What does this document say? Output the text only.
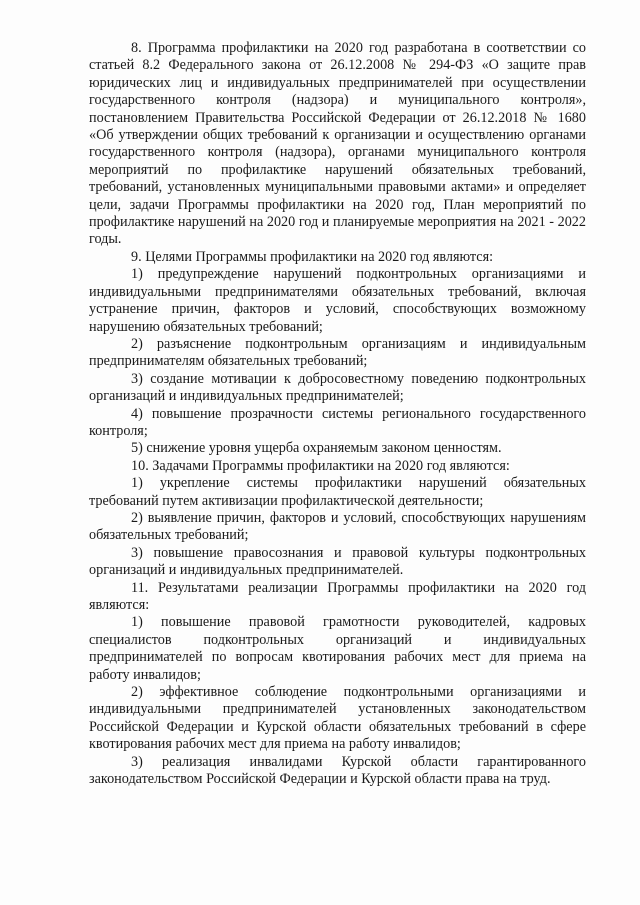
8. Программа профилактики на 2020 год разработана в соответствии со статьей 8.2 Федерального закона от 26.12.2008 № 294-ФЗ «О защите прав юридических лиц и индивидуальных предпринимателей при осуществлении государственного контроля (надзора) и муниципального контроля», постановлением Правительства Российской Федерации от 26.12.2018 № 1680 «Об утверждении общих требований к организации и осуществлению органами государственного контроля (надзора), органами муниципального контроля мероприятий по профилактике нарушений обязательных требований, требований, установленных муниципальными правовыми актами» и определяет цели, задачи Программы профилактики на 2020 год, План мероприятий по профилактике нарушений на 2020 год и планируемые мероприятия на 2021 - 2022 годы.

9. Целями Программы профилактики на 2020 год являются:

1) предупреждение нарушений подконтрольных организациями и индивидуальными предпринимателями обязательных требований, включая устранение причин, факторов и условий, способствующих возможному нарушению обязательных требований;

2) разъяснение подконтрольным организациям и индивидуальным предпринимателям обязательных требований;

3) создание мотивации к добросовестному поведению подконтрольных организаций и индивидуальных предпринимателей;

4) повышение прозрачности системы регионального государственного контроля;

5) снижение уровня ущерба охраняемым законом ценностям.

10. Задачами Программы профилактики на 2020 год являются:

1) укрепление системы профилактики нарушений обязательных требований путем активизации профилактической деятельности;

2) выявление причин, факторов и условий, способствующих нарушениям обязательных требований;

3) повышение правосознания и правовой культуры подконтрольных организаций и индивидуальных предпринимателей.

11. Результатами реализации Программы профилактики на 2020 год являются:

1) повышение правовой грамотности руководителей, кадровых специалистов подконтрольных организаций и индивидуальных предпринимателей по вопросам квотирования рабочих мест для приема на работу инвалидов;

2) эффективное соблюдение подконтрольными организациями и индивидуальными предпринимателей установленных законодательством Российской Федерации и Курской области обязательных требований в сфере квотирования рабочих мест для приема на работу инвалидов;

3) реализация инвалидами Курской области гарантированного законодательством Российской Федерации и Курской области права на труд.
